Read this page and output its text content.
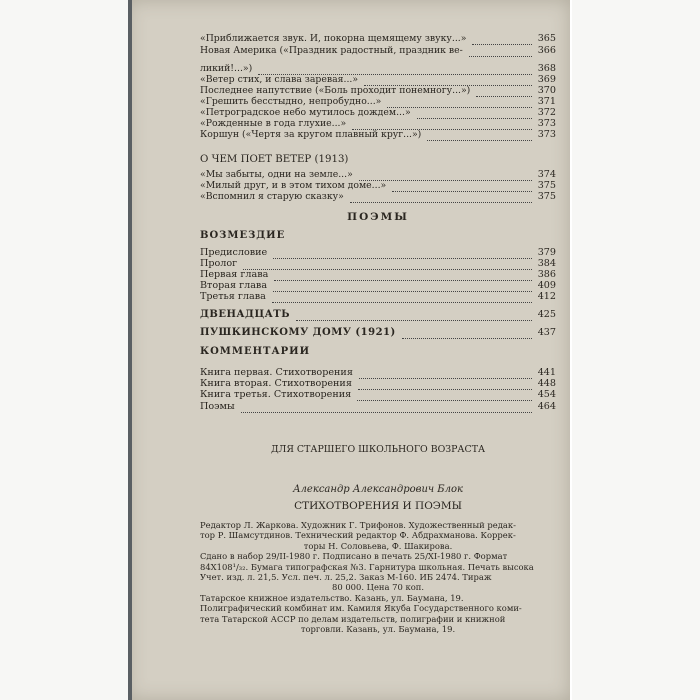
О ЧЕМ ПОЕТ ВЕТЕР (1913)
ПОЭМЫ
ВОЗМЕЗДИЕ
КОММЕНТАРИИ
ДЛЯ СТАРШЕГО ШКОЛЬНОГО ВОЗРАСТА
Александр Александрович Блок
СТИХОТВОРЕНИЯ И ПОЭМЫ
Редактор Л. Жаркова. Художник Г. Трифонов. Художественный редак-
тор Р. Шамсутдинов. Технический редактор Ф. Абдрахманова. Коррек-
торы Н. Соловьева, Ф. Шакирова.
Сдано в набор 29/II-1980 г. Подписано в печать 25/XI-1980 г. Формат
84X108¹/₃₂. Бумага типографская №3. Гарнитура школьная. Печать высока
Учет. изд. л. 21,5. Усл. печ. л. 25,2. Заказ М-160. ИБ 2474. Тираж
80 000. Цена 70 коп.
Татарское книжное издательство. Казань, ул. Баумана, 19.
Полиграфический комбинат им. Камиля Якуба Государственного коми-
тета Татарской АССР по делам издательств, полиграфии и книжной
торговли. Казань, ул. Баумана, 19.
«Приближается звук. И, покорна щемящему звуку...»	365
Новая Америка («Праздник радостный, праздник ве-	366
ликий!...»)	368
«Ветер стих, и слава заревая...»	369
Последнее напутствие («Боль проходит понемногу...»)	370
«Грешить бесстыдно, непробудно...»	371
«Петроградское небо мутилось дождем...»	372
«Рожденные в года глухие...»	373
Коршун («Чертя за кругом плавный круг...»)	373
«Мы забыты, одни на земле...»	374
«Милый друг, и в этом тихом доме...»	375
«Вспомнил я старую сказку»	375
Предисловие	379
Пролог	384
Первая глава	386
Вторая глава	409
Третья глава	412
ДВЕНАДЦАТЬ	425
ПУШКИНСКОМУ ДОМУ (1921)	437
Книга первая. Стихотворения	441
Книга вторая. Стихотворения	448
Книга третья. Стихотворения	454
Поэмы	464
